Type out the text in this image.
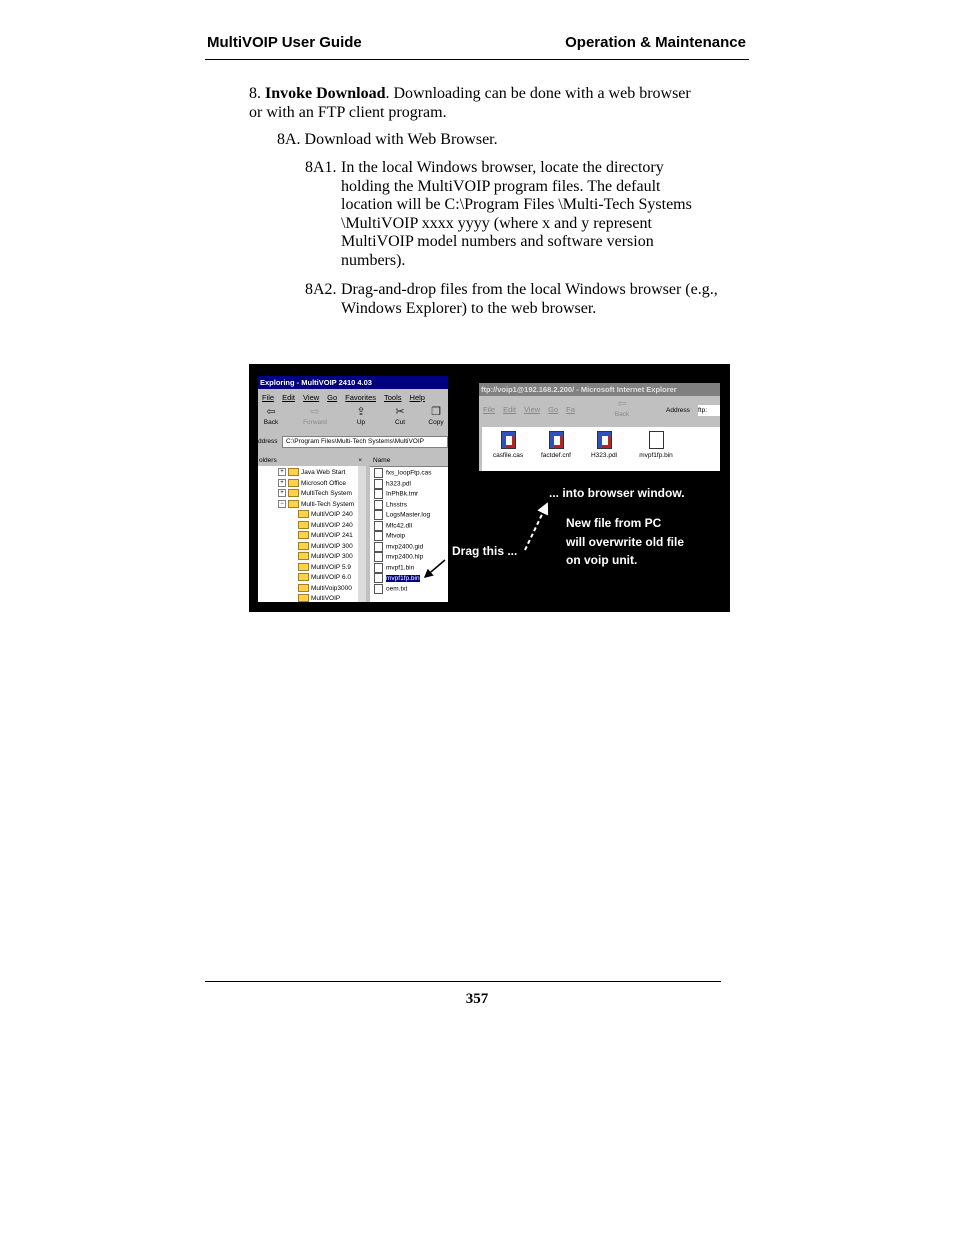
MultiVOIP User Guide	Operation & Maintenance
8. Invoke Download. Downloading can be done with a web browser
or with an FTP client program.
8A. Download with Web Browser.
8A1. In the local Windows browser, locate the directory
holding the MultiVOIP program files. The default
location will be C:\Program Files \Multi-Tech Systems
\MultiVOIP xxxx yyyy (where x and y represent
MultiVOIP model numbers and software version
numbers).
8A2. Drag-and-drop files from the local Windows browser (e.g.,
Windows Explorer) to the web browser.
Exploring - MultiVOIP 2410 4.03
File Edit View Go Favorites Tools Help
⇦
Back
⇨
Forward
⇪
Up
✂
Cut
❐
Copy
ddress	C:\Program Files\Multi-Tech Systems\MultiVOIP
olders	×
+	Java Web Start
+	Microsoft Office
+	MultiTech System
−	Multi-Tech System
MultiVOIP 240
MultiVOIP 240
MultiVOIP 241
MultiVOIP 300
MultiVOIP 300
MultiVOIP 5.9
MultiVOIP 6.0
MultiVoip3000
MultiVOIP
Name
fxs_loopFtp.cas
h323.pdl
InPhBk.tmr
Lhsstrs
LogsMaster.log
Mfc42.dll
Mtvoip
mvp2400.gid
mvp2400.hlp
mvpf1.bin
mvpf1fp.bin
oem.txt
ftp://voip1@192.168.2.200/ - Microsoft Internet Explorer
File Edit View Go Fa	⇦
Back
Address ftp:
casfile.cas	factdef.cnf	H323.pdl	mvpf1fp.bin
... into browser window.
Drag this ...
New file from PC
will overwrite old file
on voip unit.
357
